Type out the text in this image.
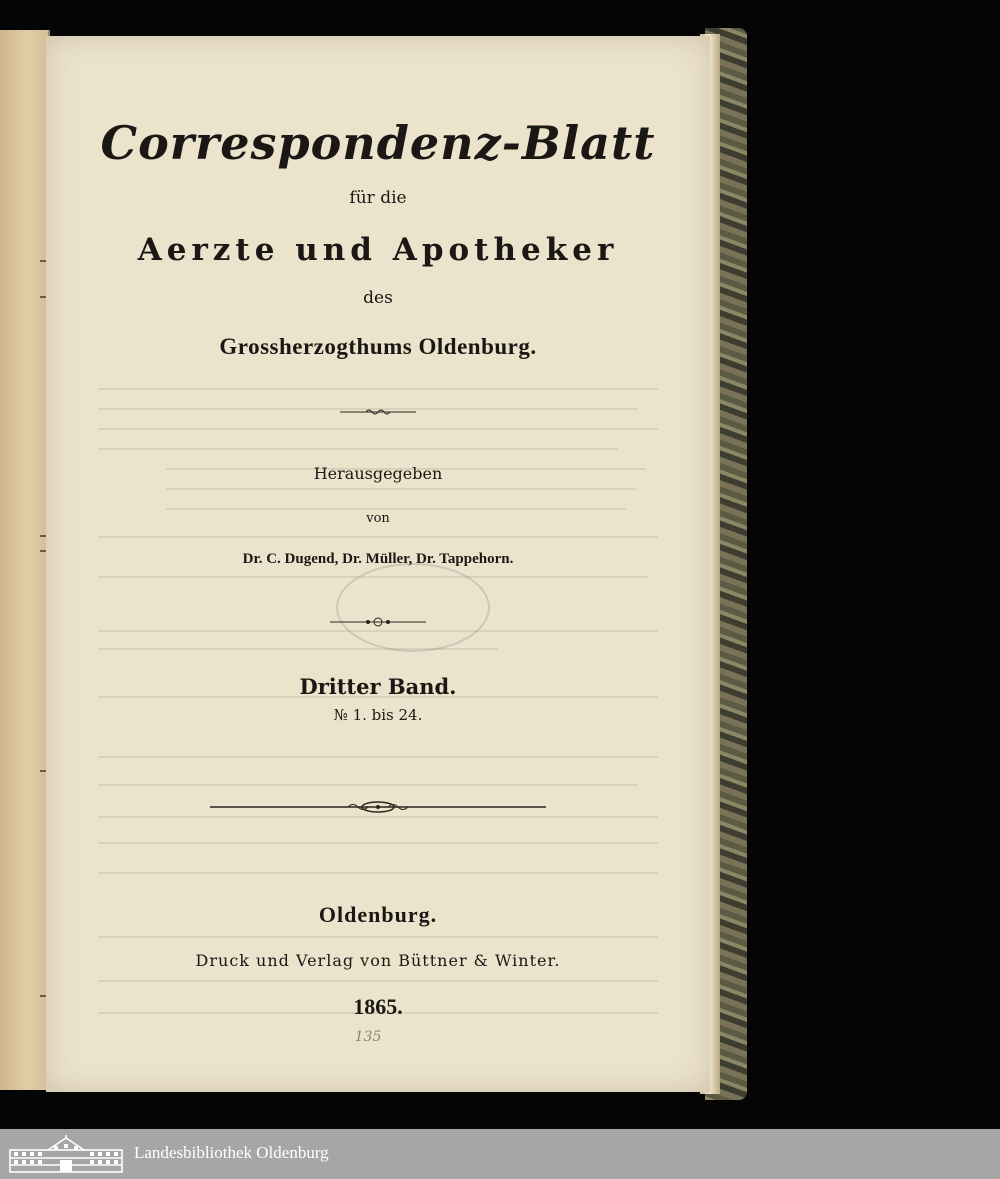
Correspondenz-Blatt
für die
Aerzte und Apotheker
des
Grossherzogthums Oldenburg.
Herausgegeben
von
Dr. C. Dugend, Dr. Müller, Dr. Tappehorn.
Dritter Band.
№ 1. bis 24.
Oldenburg.
Druck und Verlag von Büttner & Winter.
1865.
135
Landesbibliothek Oldenburg
